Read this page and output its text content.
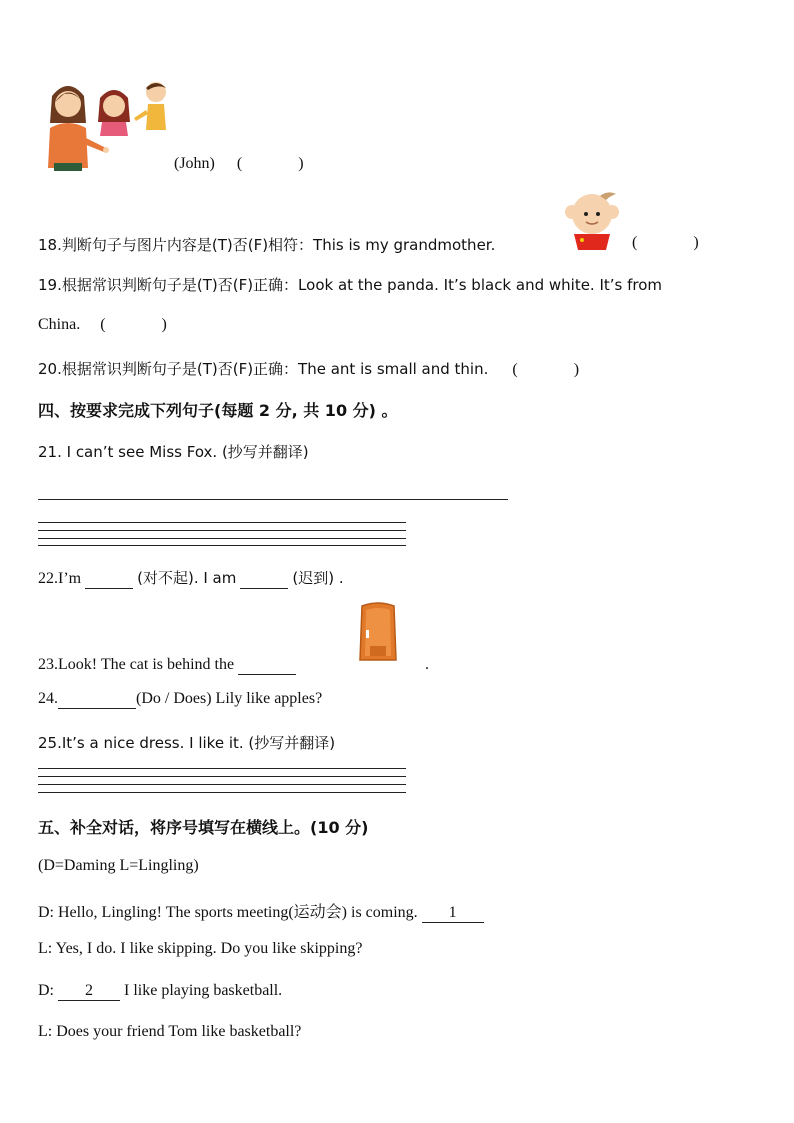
(John) (	)
18.判断句子与图片内容是(T)否(F)相符：This is my grandmother.	(	)
19.根据常识判断句子是(T)否(F)正确：Look at the panda. It’s black and white. It’s from
China. (	)
20.根据常识判断句子是(T)否(F)正确：The ant is small and thin. (	)
四、按要求完成下列句子(每题 2 分, 共 10 分) 。
21. I can’t see Miss Fox. (抄写并翻译)
22.I’m	(对不起). I am	(迟到) .
23.Look! The cat is behind the	.
24.	(Do / Does) Lily like apples?
25.It’s a nice dress. I like it. (抄写并翻译)
五、补全对话，将序号填写在横线上。(10 分)
(D=Daming L=Lingling)
D: Hello, Lingling! The sports meeting(运动会) is coming. 1
L: Yes, I do. I like skipping. Do you like skipping?
D: 2 I like playing basketball.
L: Does your friend Tom like basketball?
